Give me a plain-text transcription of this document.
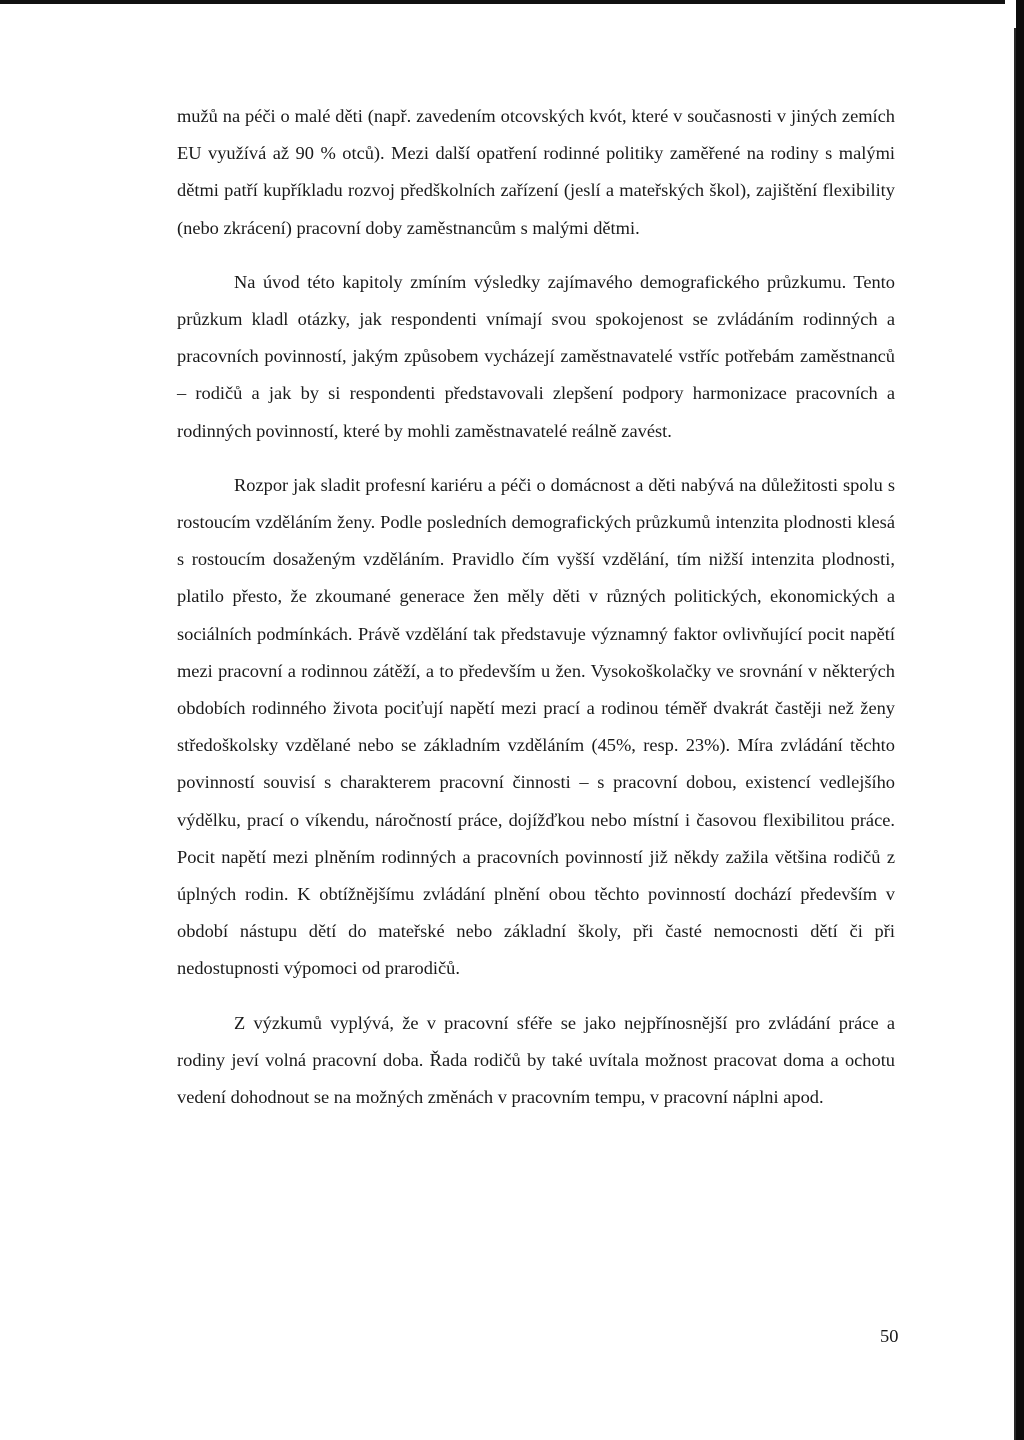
mužů na péči o malé děti (např. zavedením otcovských kvót, které v současnosti v jiných zemích EU využívá až 90 % otců). Mezi další opatření rodinné politiky zaměřené na rodiny s malými dětmi patří kupříkladu rozvoj předškolních zařízení (jeslí a mateřských škol), zajištění flexibility (nebo zkrácení) pracovní doby zaměstnancům s malými dětmi.

Na úvod této kapitoly zmíním výsledky zajímavého demografického průzkumu. Tento průzkum kladl otázky, jak respondenti vnímají svou spokojenost se zvládáním rodinných a pracovních povinností, jakým způsobem vycházejí zaměstnavatelé vstříc potřebám zaměstnanců – rodičů a jak by si respondenti představovali zlepšení podpory harmonizace pracovních a rodinných povinností, které by mohli zaměstnavatelé reálně zavést.

Rozpor jak sladit profesní kariéru a péči o domácnost a děti nabývá na důležitosti spolu s rostoucím vzděláním ženy. Podle posledních demografických průzkumů intenzita plodnosti klesá s rostoucím dosaženým vzděláním. Pravidlo čím vyšší vzdělání, tím nižší intenzita plodnosti, platilo přesto, že zkoumané generace žen měly děti v různých politických, ekonomických a sociálních podmínkách. Právě vzdělání tak představuje významný faktor ovlivňující pocit napětí mezi pracovní a rodinnou zátěží, a to především u žen. Vysokoškolačky ve srovnání v některých obdobích rodinného života pociťují napětí mezi prací a rodinou téměř dvakrát častěji než ženy středoškolsky vzdělané nebo se základním vzděláním (45%, resp. 23%). Míra zvládání těchto povinností souvisí s charakterem pracovní činnosti – s pracovní dobou, existencí vedlejšího výdělku, prací o víkendu, náročností práce, dojížďkou nebo místní i časovou flexibilitou práce. Pocit napětí mezi plněním rodinných a pracovních povinností již někdy zažila většina rodičů z úplných rodin. K obtížnějšímu zvládání plnění obou těchto povinností dochází především v období nástupu dětí do mateřské nebo základní školy, při časté nemocnosti dětí či při nedostupnosti výpomoci od prarodičů.

Z výzkumů vyplývá, že v pracovní sféře se jako nejpřínosnější pro zvládání práce a rodiny jeví volná pracovní doba. Řada rodičů by také uvítala možnost pracovat doma a ochotu vedení dohodnout se na možných změnách v pracovním tempu, v pracovní náplni apod.

50
